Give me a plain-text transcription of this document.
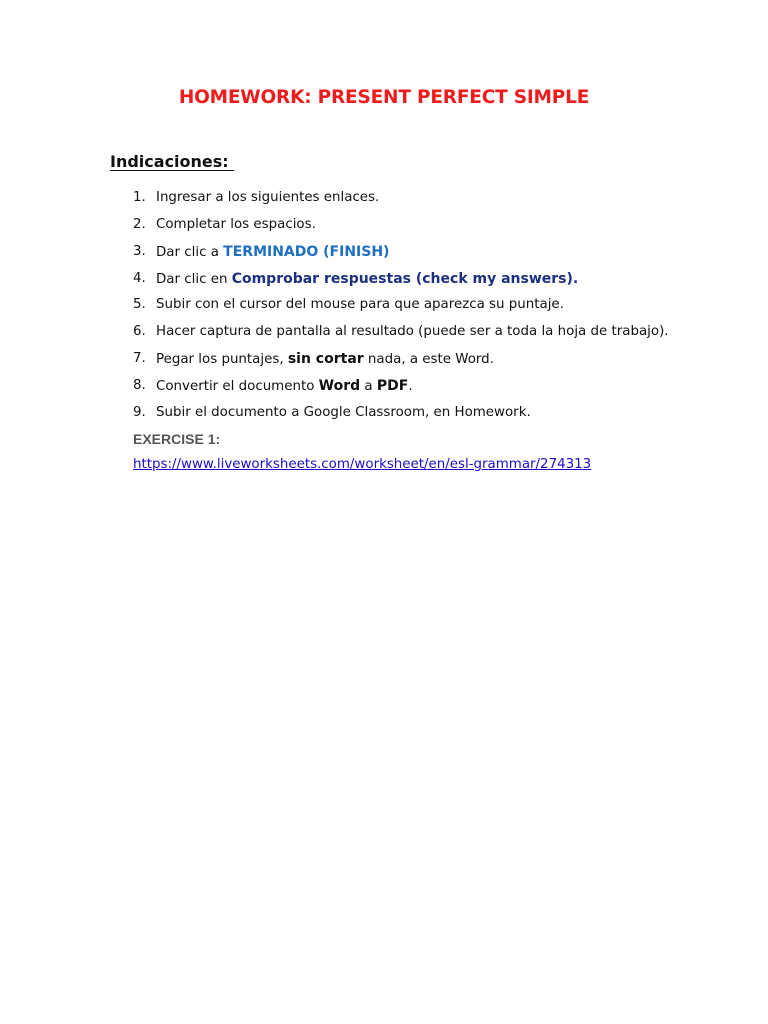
HOMEWORK: PRESENT PERFECT SIMPLE
Indicaciones:
1. Ingresar a los siguientes enlaces.
2. Completar los espacios.
3. Dar clic a TERMINADO (FINISH)
4. Dar clic en Comprobar respuestas (check my answers).
5. Subir con el cursor del mouse para que aparezca su puntaje.
6. Hacer captura de pantalla al resultado (puede ser a toda la hoja de trabajo).
7. Pegar los puntajes, sin cortar nada, a este Word.
8. Convertir el documento Word a PDF.
9. Subir el documento a Google Classroom, en Homework.
EXERCISE 1:
https://www.liveworksheets.com/worksheet/en/esl-grammar/274313
